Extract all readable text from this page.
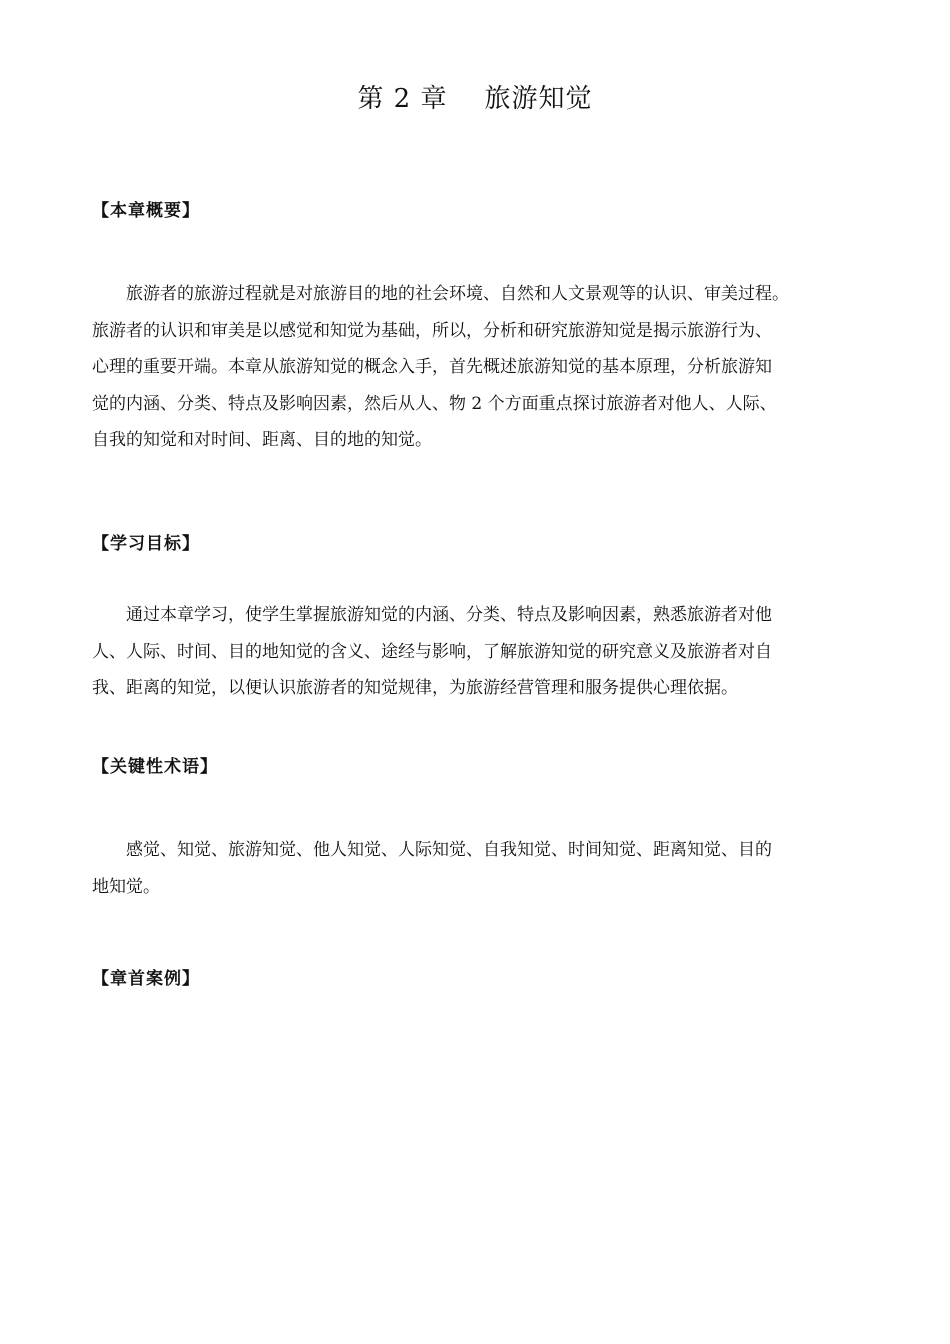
第 2 章    旅游知觉
【本章概要】
　　旅游者的旅游过程就是对旅游目的地的社会环境、自然和人文景观等的认识、审美过程。
旅游者的认识和审美是以感觉和知觉为基础，所以，分析和研究旅游知觉是揭示旅游行为、
心理的重要开端。本章从旅游知觉的概念入手，首先概述旅游知觉的基本原理，分析旅游知
觉的内涵、分类、特点及影响因素，然后从人、物 2 个方面重点探讨旅游者对他人、人际、
自我的知觉和对时间、距离、目的地的知觉。
【学习目标】
　　通过本章学习，使学生掌握旅游知觉的内涵、分类、特点及影响因素，熟悉旅游者对他
人、人际、时间、目的地知觉的含义、途经与影响，了解旅游知觉的研究意义及旅游者对自
我、距离的知觉，以便认识旅游者的知觉规律，为旅游经营管理和服务提供心理依据。
【关键性术语】
　　感觉、知觉、旅游知觉、他人知觉、人际知觉、自我知觉、时间知觉、距离知觉、目的
地知觉。
【章首案例】
